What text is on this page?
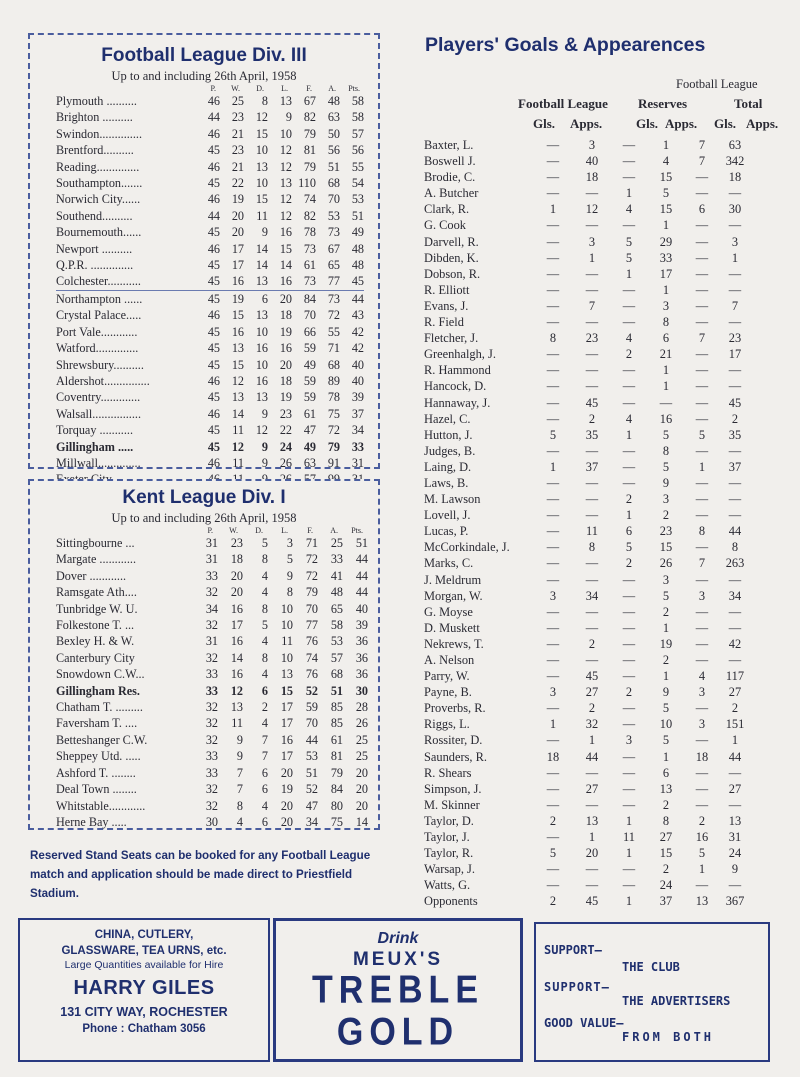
Football League Div. III
Up to and including 26th April, 1958
P.	W.	D.	L.	F.	A.	Pts.
Plymouth ..........	46	25	8	13	67	48	58
Brighton ..........	44	23	12	9	82	63	58
Swindon..............	46	21	15	10	79	50	57
Brentford..........	45	23	10	12	81	56	56
Reading..............	46	21	13	12	79	51	55
Southampton.......	45	22	10	13	110	68	54
Norwich City......	46	19	15	12	74	70	53
Southend..........	44	20	11	12	82	53	51
Bournemouth......	45	20	9	16	78	73	49
Newport ..........	46	17	14	15	73	67	48
Q.P.R. ..............	45	17	14	14	61	65	48
Colchester...........	45	16	13	16	73	77	45
Northampton ......	45	19	6	20	84	73	44
Crystal Palace.....	46	15	13	18	70	72	43
Port Vale............	45	16	10	19	66	55	42
Watford..............	45	13	16	16	59	71	42
Shrewsbury..........	45	15	10	20	49	68	40
Aldershot...............	46	12	16	18	59	89	40
Coventry.............	45	13	13	19	59	78	39
Walsall................	46	14	9	23	61	75	37
Torquay ...........	45	11	12	22	47	72	34
Gillingham .....	45	12	9	24	49	79	33
Millwall..............	46	11	9	26	63	91	31

Kent League Div. I
Up to and including 26th April, 1958
P.	W.	D.	L.	F.	A.	Pts.
Sittingbourne ...	31	23	5	3	71	25	51
Margate ............	31	18	8	5	72	33	44
Dover ............	33	20	4	9	72	41	44
Ramsgate Ath....	32	20	4	8	79	48	44
Tunbridge W. U.	34	16	8	10	70	65	40
Folkestone T. ...	32	17	5	10	77	58	39
Bexley H. & W.	31	16	4	11	76	53	36
Canterbury City	32	14	8	10	74	57	36
Snowdown C.W...	33	16	4	13	76	68	36
Gillingham Res.	33	12	6	15	52	51	30
Chatham T. .........	32	13	2	17	59	85	28
Faversham T. ....	32	11	4	17	70	85	26
Betteshanger C.W.	32	9	7	16	44	61	25
Sheppey Utd. .....	33	9	7	17	53	81	25
Ashford T. ........	33	7	6	20	51	79	20
Deal Town ........	32	7	6	19	52	84	20
Whitstable............	32	8	4	20	47	80	20
Herne Bay .....	30	4	6	20	34	75	14
Reserved Stand Seats can be booked for any Football League match and application should be made direct to Priestfield Stadium.
Players' Goals & Appearences
Football League
Football League Reserves	Total
Gls. Apps.	Gls. Apps. Gls. Apps.
Baxter, L.	—	3	—	1	7	63
Boswell J.	—	40	—	4	7	342
Brodie, C.	—	18	—	15	—	18
A. Butcher	—	—	1	5	—	—
Clark, R.	1	12	4	15	6	30
G. Cook	—	—	—	1	—	—
Darvell, R.	—	3	5	29	—	3
Dibden, K.	—	1	5	33	—	1
Dobson, R.	—	—	1	17	—	—
R. Elliott	—	—	—	1	—	—
Evans, J.	—	7	—	3	—	7
R. Field	—	—	—	8	—	—
Fletcher, J.	8	23	4	6	7	23
Greenhalgh, J.	—	—	2	21	—	17
R. Hammond	—	—	—	1	—	—
Hancock, D.	—	—	—	1	—	—
Hannaway, J.	—	45	—	—	—	45
Hazel, C.	—	2	4	16	—	2
Hutton, J.	5	35	1	5	5	35
Judges, B.	—	—	—	8	—	—
Laing, D.	1	37	—	5	1	37
Laws, B.	—	—	—	9	—	—
M. Lawson	—	—	2	3	—	—
Lovell, J.	—	—	1	2	—	—
Lucas, P.	—	11	6	23	8	44
McCorkindale, J.	—	8	5	15	—	8
Marks, C.	—	—	2	26	7	263
J. Meldrum	—	—	—	3	—	—
Morgan, W.	3	34	—	5	3	34
G. Moyse	—	—	—	2	—	—
D. Muskett	—	—	—	1	—	—
Nekrews, T.	—	2	—	19	—	42
A. Nelson	—	—	—	2	—	—
Parry, W.	—	45	—	1	4	117
Payne, B.	3	27	2	9	3	27
Proverbs, R.	—	2	—	5	—	2
Riggs, L.	1	32	—	10	3	151
Rossiter, D.	—	1	3	5	—	1
Saunders, R.	18	44	—	1	18	44
R. Shears	—	—	—	6	—	—
Simpson, J.	—	27	—	13	—	27
M. Skinner	—	—	—	2	—	—
Taylor, D.	2	13	1	8	2	13
Taylor, J.	—	1	11	27	16	31
Taylor, R.	5	20	1	15	5	24
Warsap, J.	—	—	—	2	1	9
Watts, G.	—	—	—	24	—	—
Opponents	2	45	1	37	13	367
CHINA, CUTLERY,
GLASSWARE, TEA URNS, etc.
Large Quantities available for Hire
HARRY GILES
131 CITY WAY, ROCHESTER
Phone : Chatham 3056
Drink
MEUX'S
TREBLE
GOLD
SUPPORT—
THE CLUB
SUPPORT—
THE ADVERTISERS
GOOD VALUE—
FROM BOTH
